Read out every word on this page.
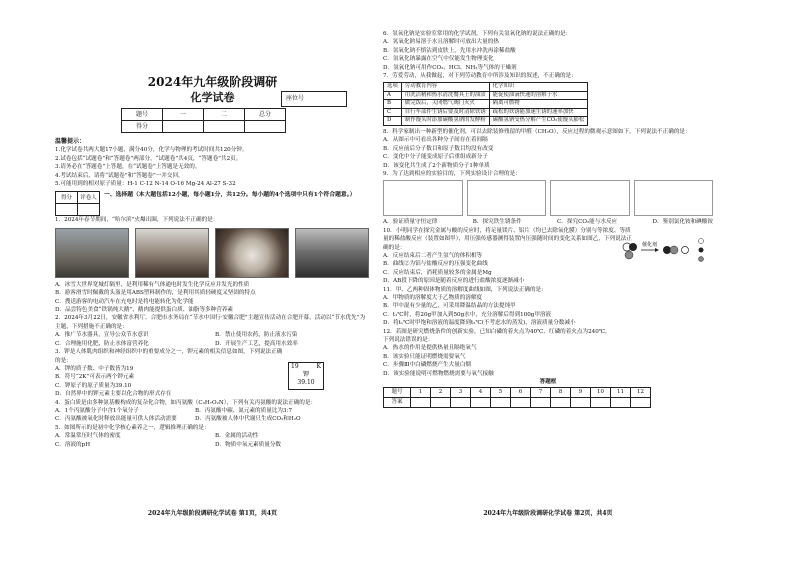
2024年九年级阶段调研
化学试卷	座位号
题号	一	二	总分
得分			
温馨提示：
1.化学试卷共两大题17小题，满分40分，化学与物理的考试时间共120分钟。
2.试卷包括“试题卷”和“答题卷”两部分，“试题卷”共4页，“答题卷”共2页。
3.请务必在“答题卷”上答题，在“试题卷”上答题是无效的。
4.考试结束后，请将“试题卷”和“答题卷”一并交回。
5.可能用到的相对原子质量：H-1 C-12 N-14 O-16 Mg-24 Al-27 S-32
得分	评卷人
	一、选择题（本大题包括12小题，每小题1分，共12分。每小题的4个选项中只有1个符合题意。）
1．2024年春节期间，“哈尔滨”火爆出圈，下列说法不正确的是：
A．冰雪大世界宽城灯隔里，是利用稀有气体通电时发生化学反应并发光的性质
B．游客滑雪时佩戴的头盔是用ABS塑料制作的，是利用其质轻硬度又坚固的特点
C．搜送游客的电动汽车在充电时是将电能转化为化学能
D．品尝特色美食“铁锅炖大鹅”，鹅肉能提供蛋白质、油脂等多种营养素
2．2024年3月22日，安徽省水利厅、合肥市水务局在“节水中国行·安徽合肥”主题宣传活动在合肥开幕，活动以“节水优先”为主题，下列措施不正确的是：
A．推广节水器具，宣导公众节水意识	B．禁止使用农药，防止液水污染
C．合理施用化肥，防止水体富营养化	D．开展生产工艺，提高用水效率
3．钾是人体肌肉组织和神经组织中的重要成分之一，钾元素的相关信息如图，下列说法正确的是：
A．钾的质子数、中子数皆为19
B．符号“2K”可表示两个钾元素
C．钾原子的原子质量为39.10
D．自然界中的钾元素主要以化合物的形式存在
19	K
钾
39.10
4．蛋白质是由多种氨基酸构成的复杂化合物，如丙氨酸（C₃H₇O₂N），下列有关丙氨酸的说法正确的是：
A．1个丙氨酸分子中含1个氧分子	B．丙氨酸中碳、氮元素的质量比为3:7
C．丙氨酸被氧化时释放出能量可供人体活动需要	D．丙氨酸被人体中代谢只生成CO₂和H₂O
5．如图所示的是初中化学核心素养之一，逻辑推理正确的是：
A．常温常压时气体的密度	B．金属的活动性
C．溶液的pH	D．物质中氧元素质量分数
2024年九年级阶段调研化学试卷 第1页，共4页
6．氢氧化钠是实验室常用的化学试剂，下列有关氢氧化钠的说法正确的是：
A．氢氧化钠易溶于水且溶解时可放出大量的热
B．氢氧化钠不慎沾到皮肤上，先用水冲洗再涂稀盐酸
C．氢氧化钠暴露在空气中仅能发生物理变化
D．氢氧化钠可用作CO₂、HCl、NH₃等气体的干燥剂
7．劳爱劳动，从我做起，对下列劳动教育中所涉及知识的叙述，不正确的是：
选项	劳动教育内容	化学知识
A	用洗洁精和热水清洗餐具上的油渍	能促使油滴快速的溶解于水
B	做完饭后，关闭燃气阀门灭火	隔离可燃物
C	自行车部件生锈后要及时清除铁锈	疏松的铁锈能加速生锈的速率加快
D	制作馒头时添加碳酸氢钠的发酵粉	碳酸氢钠受热分解产生CO₂使馒头膨松
8．科学家制出一种新型的催化剂，可以去除装修残留的甲醛（CH₂O），反应过程的微观示意图如下，下列说法不正确的是：
A．从图示中可看出各种分子间存在着间隔
B．反应前后分子数目和原子数目均没有改变
C．变化中分子能变成原子后重组成新分子
D．该变化共生成了2个新物质分子1种单质
催化剂
9．为了达到相应的实验目的，下列实验设计合理的是：
A．验证质量守恒定律	B．探究铁生锈条件	C．探究CO₂能与水反应	D．鉴别氯化铵和碘酸铵
10．小明同学在探究金属与酸的反应时，将足量镁片、铝片（均已去除氧化膜）分别与等浓度、等质量的稀盐酸反应（装置如图甲），用压强传感器测得装置内压强随时间的变化关系如图乙，下列说法正确的是：
A．反应结束后二者产生氢气的体积相等
B．曲线②为铝与盐酸反应的压强变化曲线
C．反应结束后，消耗质量较多的金属是Mg
D．AB段下降的原因是随着反应的进行盐酸浓度逐渐减小
11．甲、乙两种固体物质的溶解度曲线如图，下列说法正确的是：
A．甲物质的溶解度大于乙物质的溶解度
B．甲中混有少量的乙，可采用降温结晶的方法提纯甲
C．t₁℃时，将20g甲加入到50g水中，充分溶解后得到100g甲溶液
D．将t₁℃时甲饱和溶液的温度降到t₂℃(不考虑水的蒸发)，溶液质量分数减小
12．若图是研究燃烧条件的创新实验，已知白磷的着火点为40℃、红磷的着火点为240℃，下列说法错误的是：
A．热水的作用是提供热量且隔绝氧气
B．该实验只能证明燃烧需要氧气
C．步骤Ⅲ中白磷燃烧产生大量白烟
D．该实验能说明可燃物燃烧需要与氧气接触
答题框
题号	1	2	3	4	5	6	7	8	9	10	11	12
答案												
2024年九年级阶段调研化学试卷 第2页，共4页
